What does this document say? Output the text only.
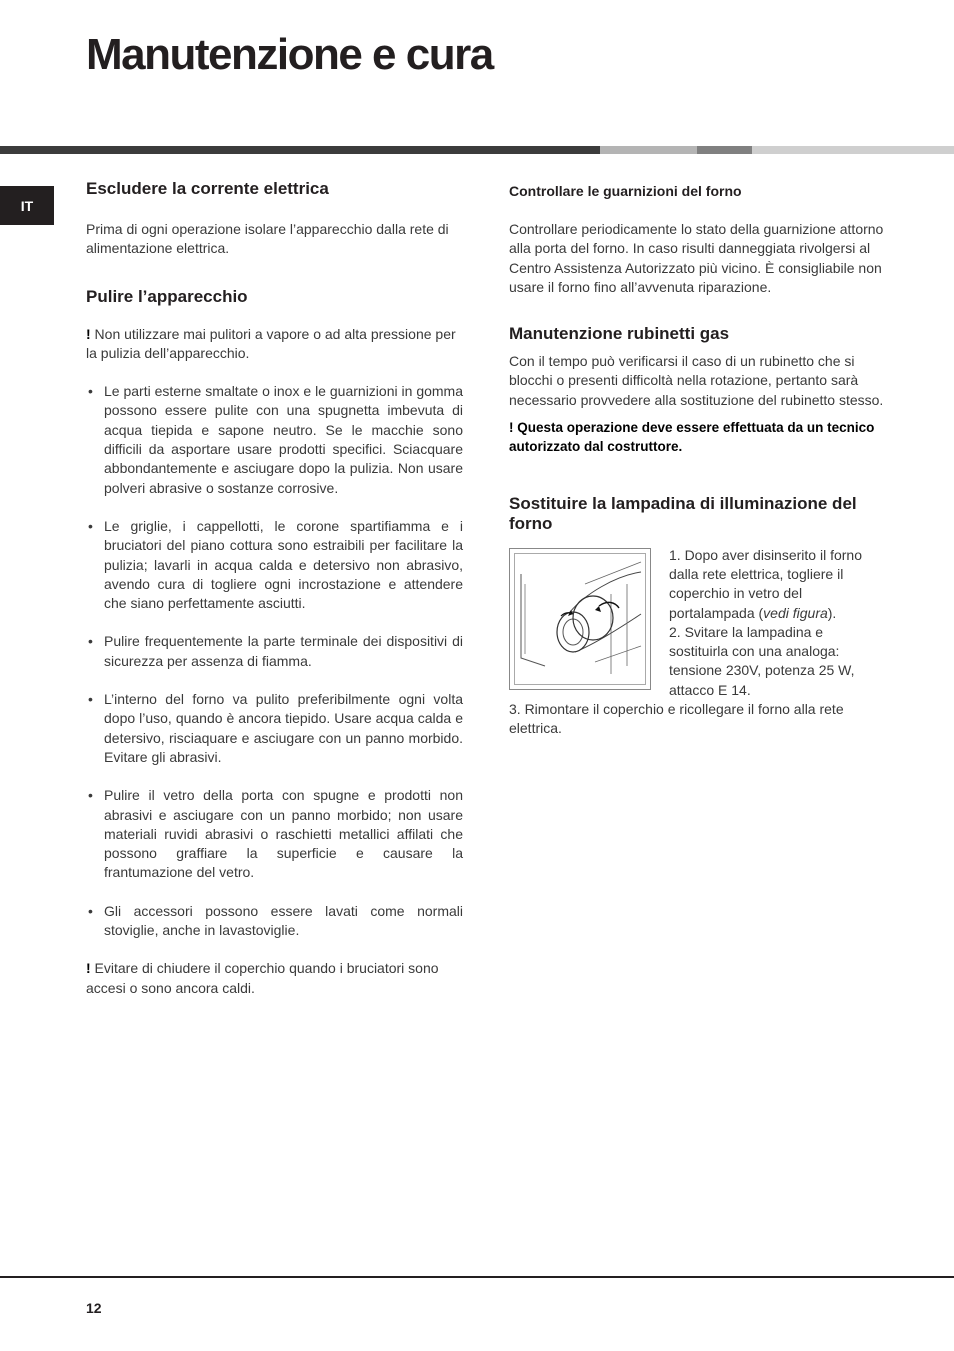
Manutenzione e cura
IT
Escludere la corrente elettrica

Prima di ogni operazione isolare l’apparecchio dalla rete di alimentazione elettrica.

Pulire l’apparecchio

! Non utilizzare mai pulitori a vapore o ad alta pressione per la pulizia dell’apparecchio.

• Le parti esterne smaltate o inox e le guarnizioni in gomma possono essere pulite con una spugnetta imbevuta di acqua tiepida e sapone neutro. Se le macchie sono difficili da asportare usare prodotti specifici. Sciacquare abbondantemente e asciugare dopo la pulizia. Non usare polveri abrasive o sostanze corrosive.
• Le griglie, i cappellotti, le corone spartifiamma e i bruciatori del piano cottura sono estraibili per facilitare la pulizia; lavarli in acqua calda e detersivo non abrasivo, avendo cura di togliere ogni incrostazione e attendere che siano perfettamente asciutti.
• Pulire frequentemente la parte terminale dei dispositivi di sicurezza per assenza di fiamma.
• L’interno del forno va pulito preferibilmente ogni volta dopo l’uso, quando è ancora tiepido. Usare acqua calda e detersivo, risciaquare e asciugare con un panno morbido. Evitare gli abrasivi.
• Pulire il vetro della porta con spugne e prodotti non abrasivi e asciugare con un panno morbido; non usare materiali ruvidi abrasivi o raschietti metallici affilati che possono graffiare la superficie e causare la frantumazione del vetro.
• Gli accessori possono essere lavati come normali stoviglie, anche in lavastoviglie.

! Evitare di chiudere il coperchio quando i bruciatori sono accesi o sono ancora caldi.

Controllare le guarnizioni del forno

Controllare periodicamente lo stato della guarnizione attorno alla porta del forno. In caso risulti danneggiata rivolgersi al Centro Assistenza Autorizzato più vicino. È consigliabile non usare il forno fino all’avvenuta riparazione.

Manutenzione rubinetti gas

Con il tempo può verificarsi il caso di un rubinetto che si blocchi o presenti difficoltà nella rotazione, pertanto sarà necessario provvedere alla sostituzione del rubinetto stesso.

! Questa operazione deve essere effettuata da un tecnico autorizzato dal costruttore.

Sostituire la lampadina di illuminazione del forno

1. Dopo aver disinserito il forno dalla rete elettrica, togliere il coperchio in vetro del portalampada (vedi figura).

2. Svitare la lampadina e sostituirla con una analoga: tensione 230V, potenza 25 W, attacco E 14.

3. Rimontare il coperchio e ricollegare il forno alla rete elettrica.

12
